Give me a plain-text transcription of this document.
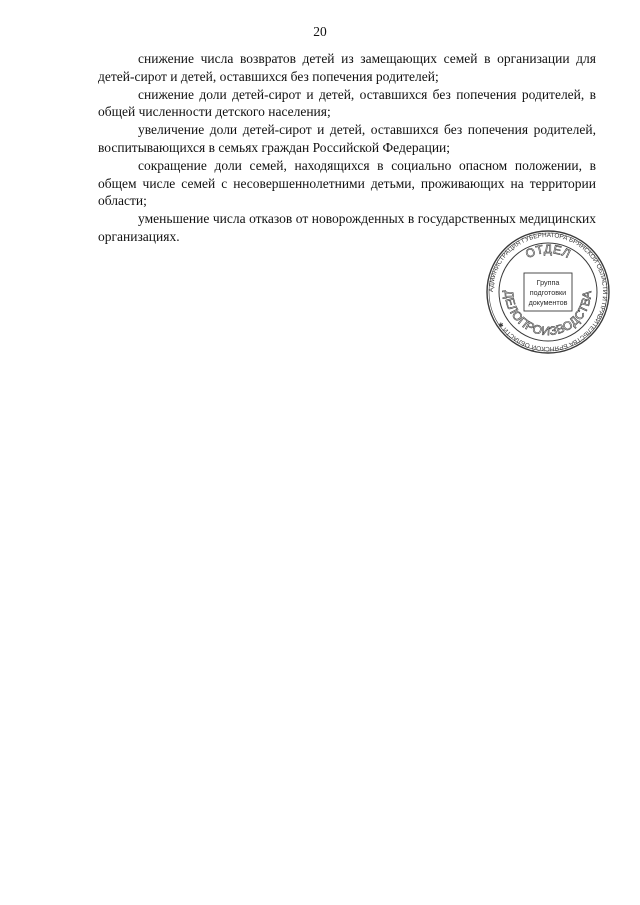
20

снижение числа возвратов детей из замещающих семей в организации для детей-сирот и детей, оставшихся без попечения родителей;

снижение доли детей-сирот и детей, оставшихся без попечения родителей, в общей численности детского населения;

увеличение доли детей-сирот и детей, оставшихся без попечения родителей, воспитывающихся в семьях граждан Российской Федерации;

сокращение доли семей, находящихся в социально опасном положении, в общем числе семей с несовершеннолетними детьми, проживающих на территории области;

уменьшение числа отказов от новорожденных в государственных медицинских организациях.

АДМИНИСТРАЦИЯ ГУБЕРНАТОРА БРЯНСКОЙ ОБЛАСТИ И ПРАВИТЕЛЬСТВА БРЯНСКОЙ ОБЛАСТИ ✱
ОТДЕЛ
ДЕЛОПРОИЗВОДСТВА
Группа
подготовки
документов
